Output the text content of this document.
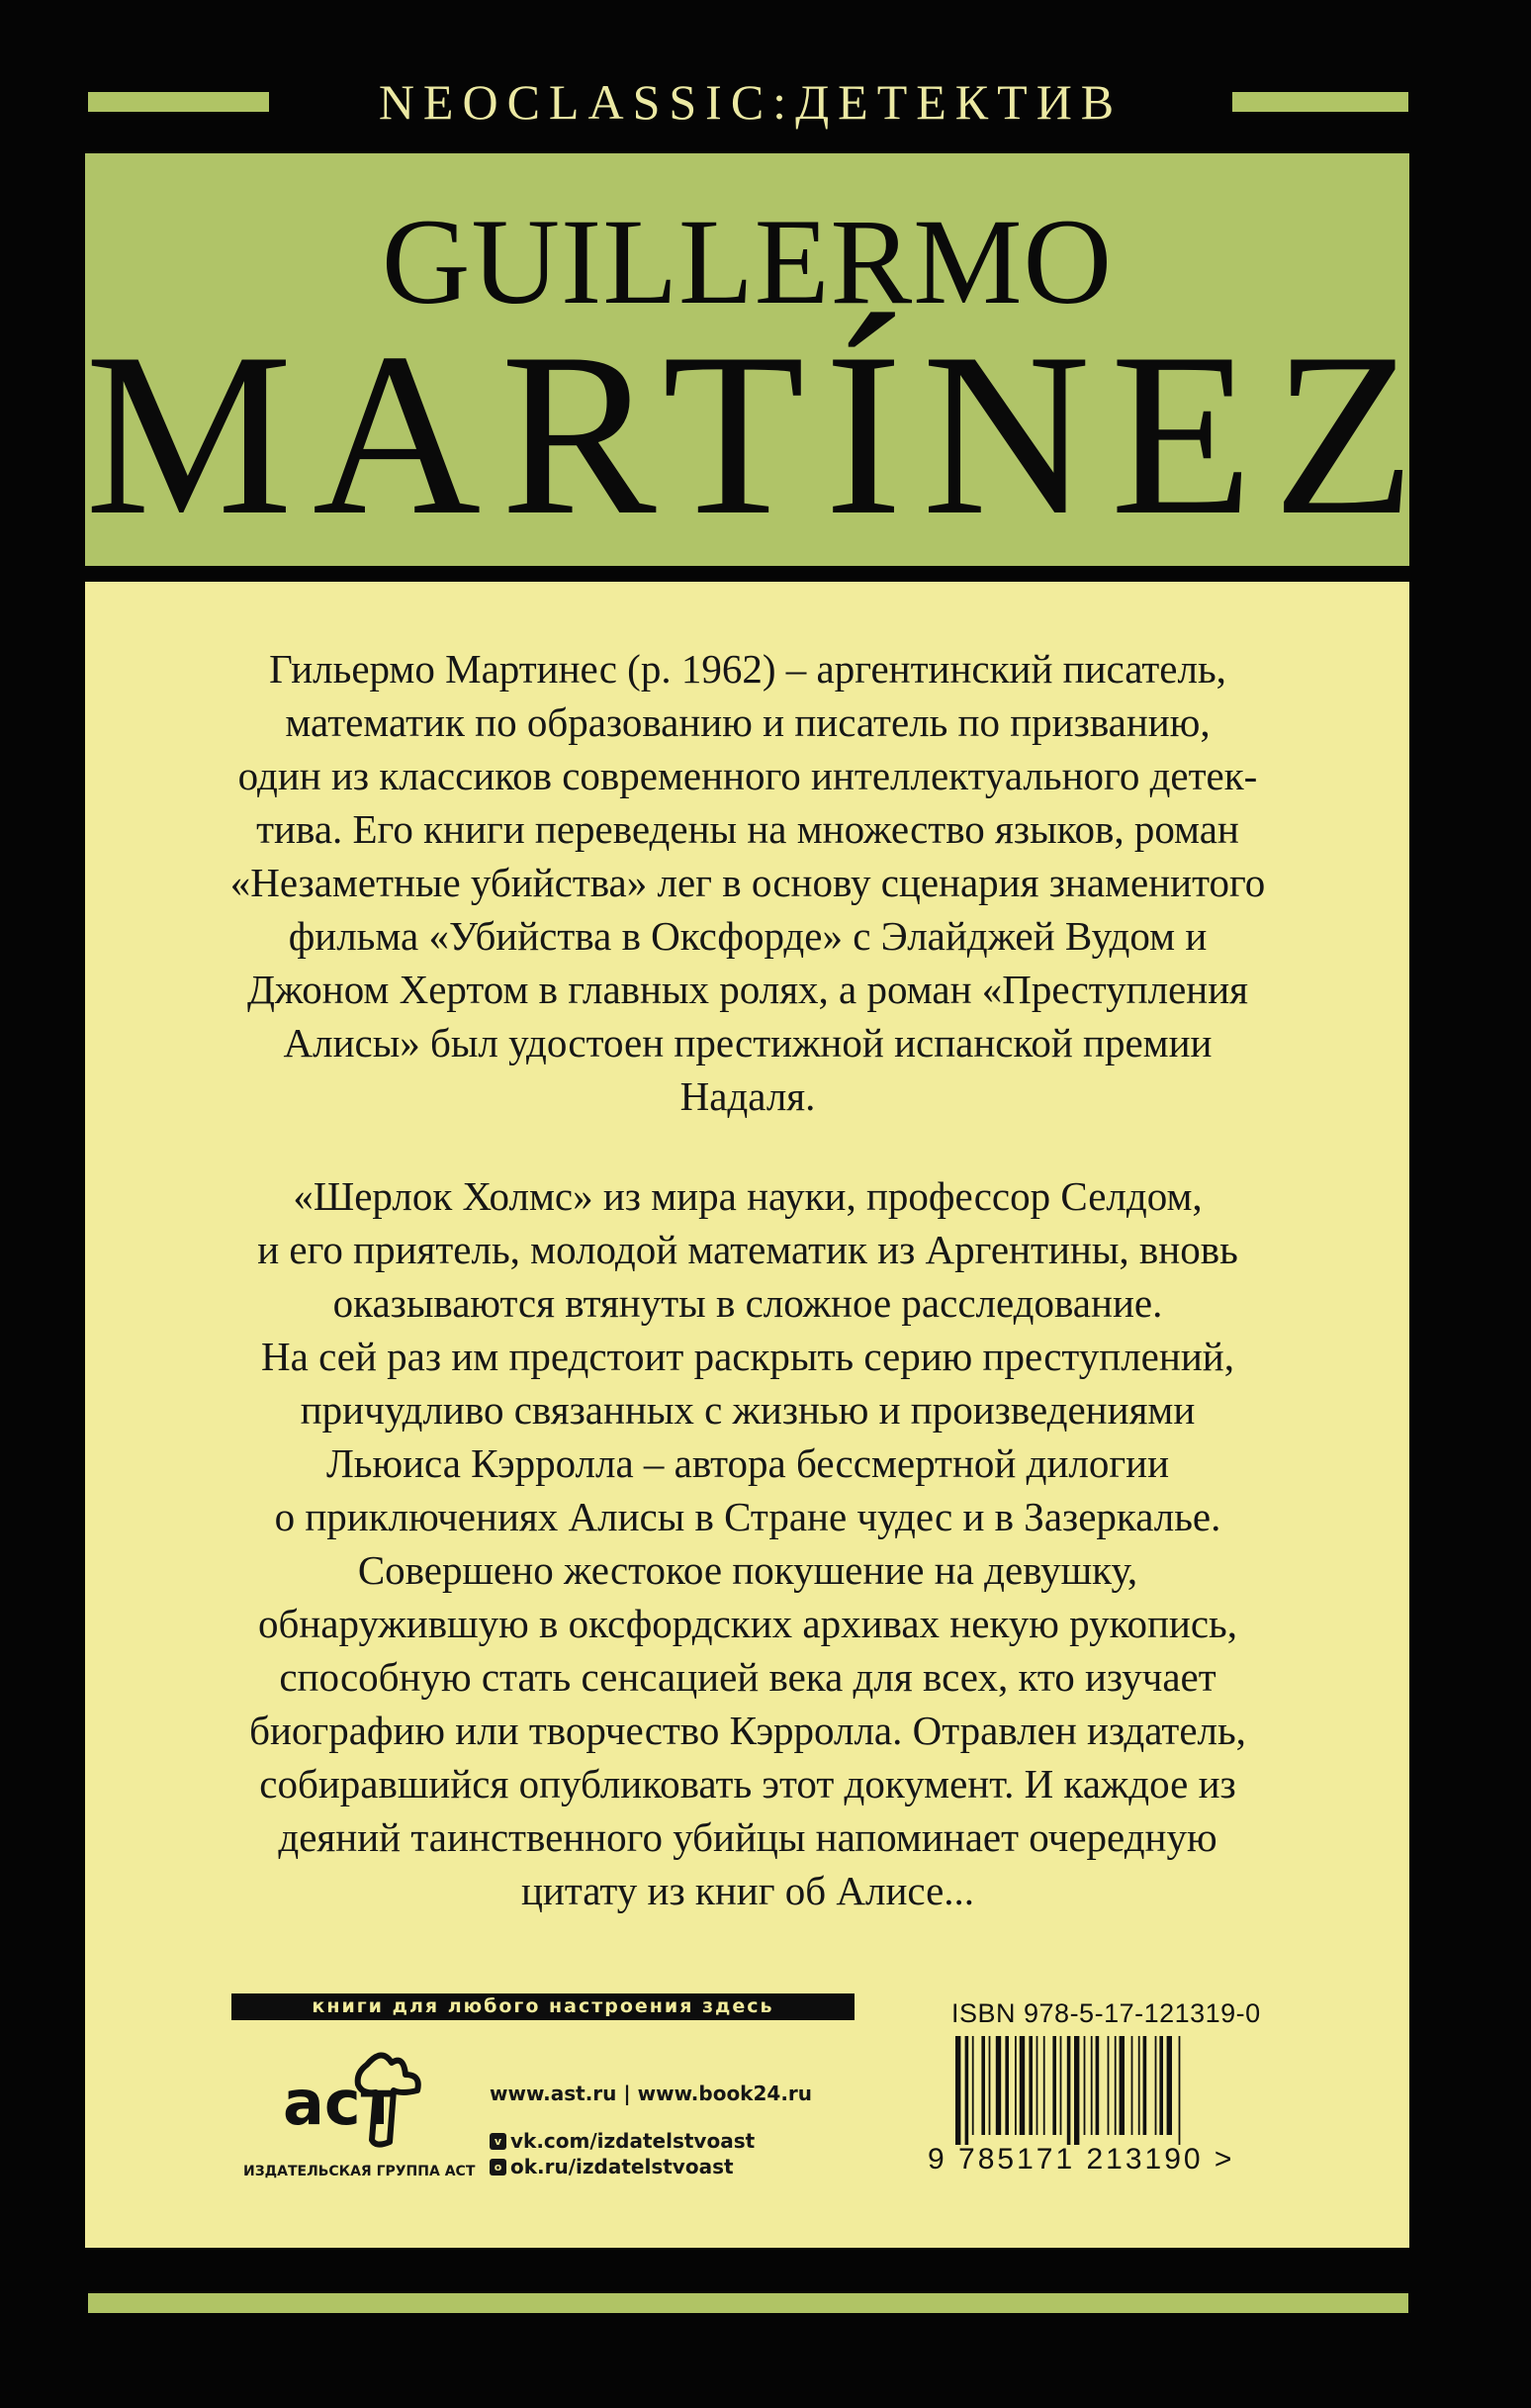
NEOCLASSIC:ДЕТЕКТИВ
GUILLERMO
MARTÍNEZ

Гильермо Мартинес (р. 1962) – аргентинский писатель,
математик по образованию и писатель по призванию,
один из классиков современного интеллектуального детек-
тива. Его книги переведены на множество языков, роман
«Незаметные убийства» лег в основу сценария знаменитого
фильма «Убийства в Оксфорде» с Элайджей Вудом и
Джоном Хертом в главных ролях, а роман «Преступления
Алисы» был удостоен престижной испанской премии
Надаля.

«Шерлок Холмс» из мира науки, профессор Селдом,
и его приятель, молодой математик из Аргентины, вновь
оказываются втянуты в сложное расследование.
На сей раз им предстоит раскрыть серию преступлений,
причудливо связанных с жизнью и произведениями
Льюиса Кэрролла – автора бессмертной дилогии
о приключениях Алисы в Стране чудес и в Зазеркалье.
Совершено жестокое покушение на девушку,
обнаружившую в оксфордских архивах некую рукопись,
способную стать сенсацией века для всех, кто изучает
биографию или творчество Кэрролла. Отравлен издатель,
собиравшийся опубликовать этот документ. И каждое из
деяний таинственного убийцы напоминает очередную
цитату из книг об Алисе...

книги для любого настроения здесь
аст
ИЗДАТЕЛЬСКАЯ ГРУППА АСТ
www.ast.ru | www.book24.ru
v vk.com/izdatelstvoast
o ok.ru/izdatelstvoast
ISBN 978-5-17-121319-0
9 785171 213190 >
